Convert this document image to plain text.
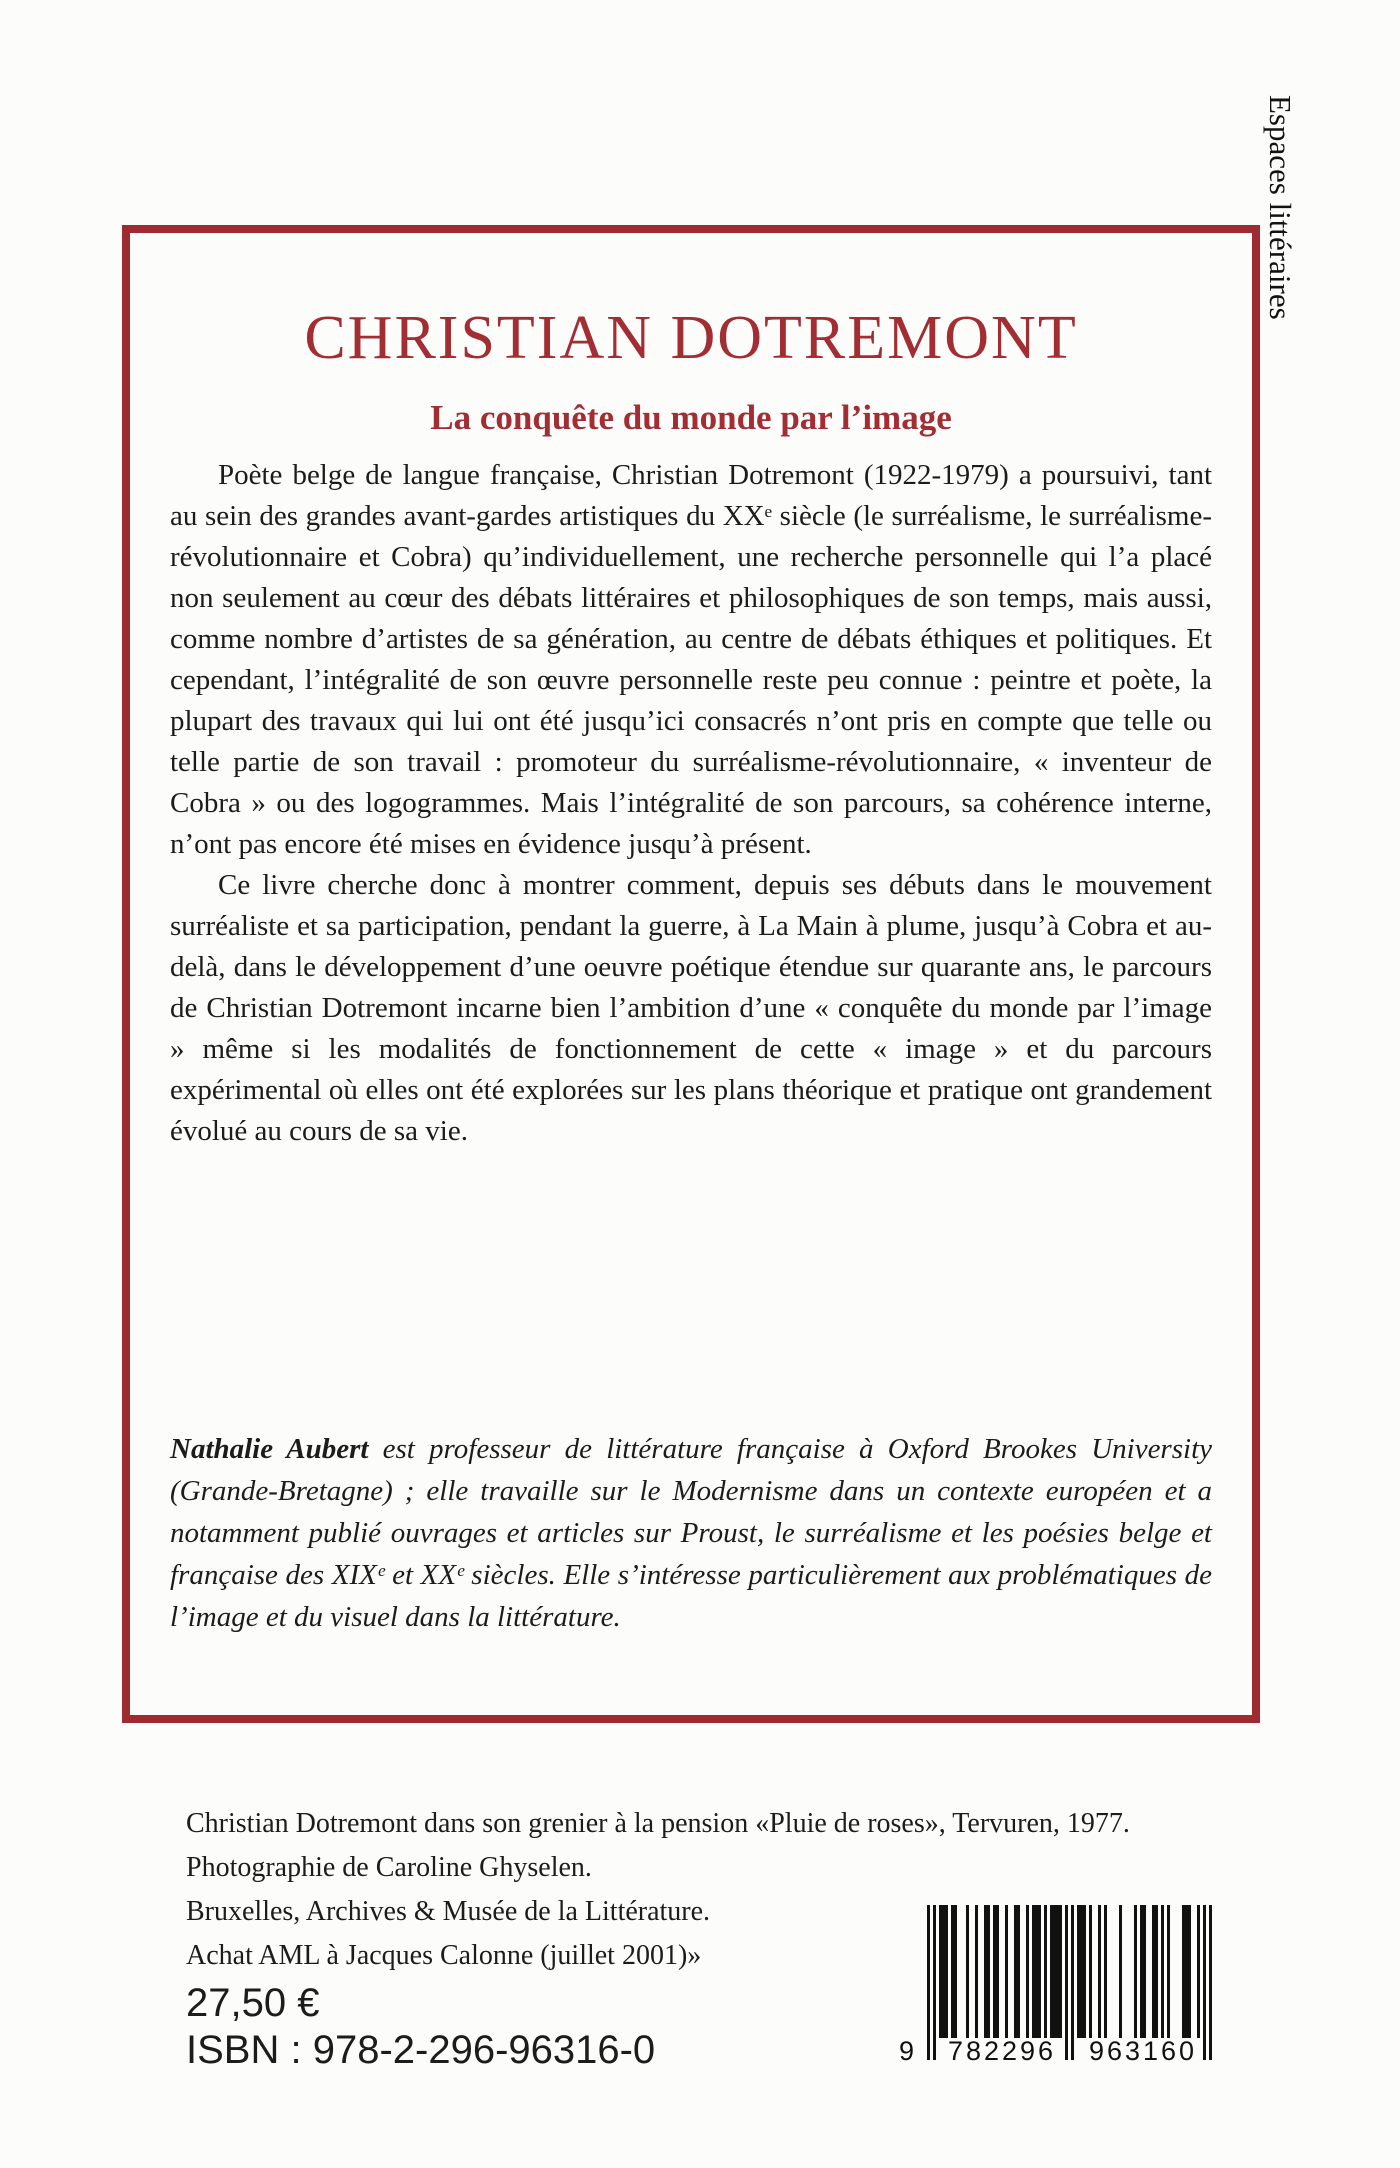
Espaces littéraires
CHRISTIAN DOTREMONT
La conquête du monde par l’image

Poète belge de langue française, Christian Dotremont (1922-1979) a poursuivi, tant au sein des grandes avant-gardes artistiques du XXᵉ siècle (le surréalisme, le surréalisme-révolutionnaire et Cobra) qu’individuellement, une recherche personnelle qui l’a placé non seulement au cœur des débats littéraires et philosophiques de son temps, mais aussi, comme nombre d’artistes de sa génération, au centre de débats éthiques et politiques. Et cependant, l’intégralité de son œuvre personnelle reste peu connue : peintre et poète, la plupart des travaux qui lui ont été jusqu’ici consacrés n’ont pris en compte que telle ou telle partie de son travail : promoteur du surréalisme-révolutionnaire, « inventeur de Cobra » ou des logogrammes. Mais l’intégralité de son parcours, sa cohérence interne, n’ont pas encore été mises en évidence jusqu’à présent.

Ce livre cherche donc à montrer comment, depuis ses débuts dans le mouvement surréaliste et sa participation, pendant la guerre, à La Main à plume, jusqu’à Cobra et au-delà, dans le développement d’une oeuvre poétique étendue sur quarante ans, le parcours de Christian Dotremont incarne bien l’ambition d’une « conquête du monde par l’image » même si les modalités de fonctionnement de cette « image » et du parcours expérimental où elles ont été explorées sur les plans théorique et pratique ont grandement évolué au cours de sa vie.

Nathalie Aubert est professeur de littérature française à Oxford Brookes University (Grande-Bretagne) ; elle travaille sur le Modernisme dans un contexte européen et a notamment publié ouvrages et articles sur Proust, le surréalisme et les poésies belge et française des XIXᵉ et XXᵉ siècles. Elle s’intéresse particulièrement aux problématiques de l’image et du visuel dans la littérature.
Christian Dotremont dans son grenier à la pension «Pluie de roses», Tervuren, 1977.
Photographie de Caroline Ghyselen.
Bruxelles, Archives & Musée de la Littérature.
Achat AML à Jacques Calonne (juillet 2001)»
27,50 €
ISBN : 978-2-296-96316-0	9	782296	963160
